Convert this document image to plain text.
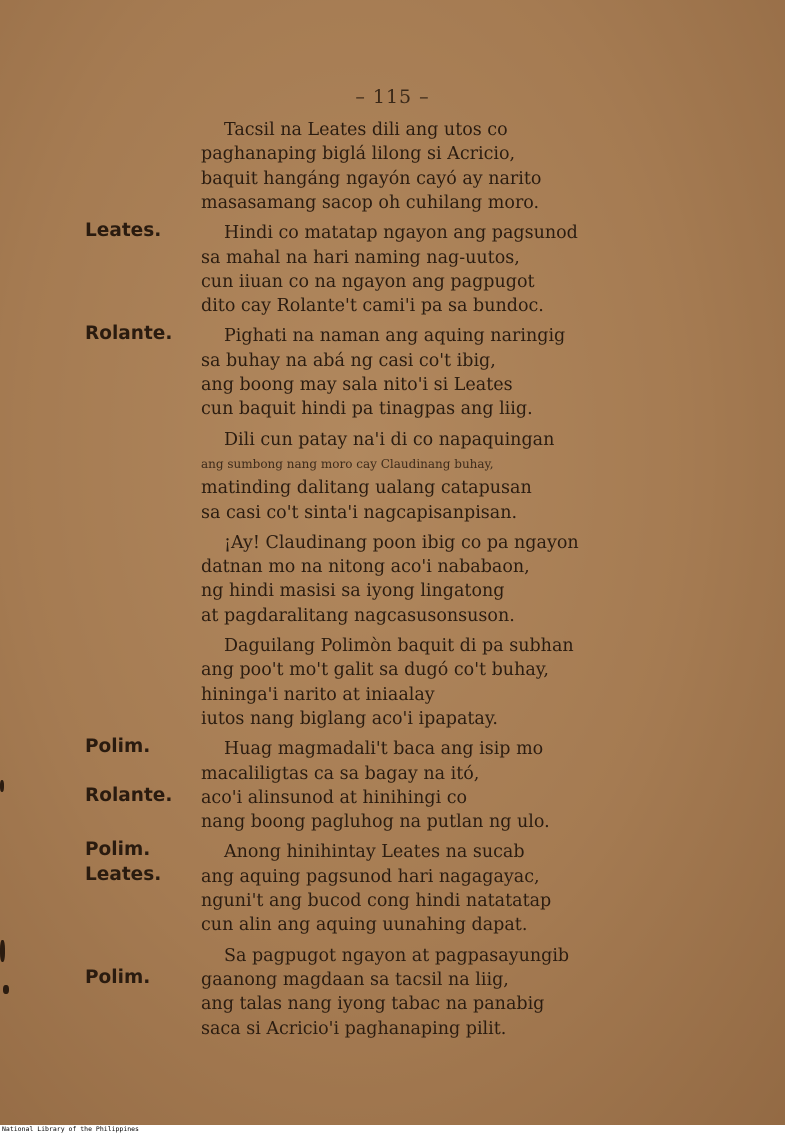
– 115 –
Tacsil na Leates dili ang utos co
paghanaping biglá lilong si Acricio,
baquit hangáng ngayón cayó ay narito
masasamang sacop oh cuhilang moro.
Hindi co matatap ngayon ang pagsunod
sa mahal na hari naming nag-uutos,
cun iiuan co na ngayon ang pagpugot
dito cay Rolante't cami'i pa sa bundoc.
Pighati na naman ang aquing naringig
sa buhay na abá ng casi co't ibig,
ang boong may sala nito'i si Leates
cun baquit hindi pa tinagpas ang liig.
Dili cun patay na'i di co napaquingan
ang sumbong nang moro cay Claudinang buhay,
matinding dalitang ualang catapusan
sa casi co't sinta'i nagcapisanpisan.
¡Ay! Claudinang poon ibig co pa ngayon
datnan mo na nitong aco'i nababaon,
ng hindi masisi sa iyong lingatong
at pagdaralitang nagcasusonsuson.
Daguilang Polimòn baquit di pa subhan
ang poo't mo't galit sa dugó co't buhay,
hininga'i narito at iniaalay
iutos nang biglang aco'i ipapatay.
Huag magmadali't baca ang isip mo
macaliligtas ca sa bagay na itó,
aco'i alinsunod at hinihingi co
nang boong pagluhog na putlan ng ulo.
Anong hinihintay Leates na sucab
ang aquing pagsunod hari nagagayac,
nguni't ang bucod cong hindi natatatap
cun alin ang aquing uunahing dapat.
Sa pagpugot ngayon at pagpasayungib
gaanong magdaan sa tacsil na liig,
ang talas nang iyong tabac na panabig
saca si Acricio'i paghanaping pilit.
Leates.
Rolante.
Polim.
Rolante.
Polim.
Leates.
Polim.
National Library of the Philippines
